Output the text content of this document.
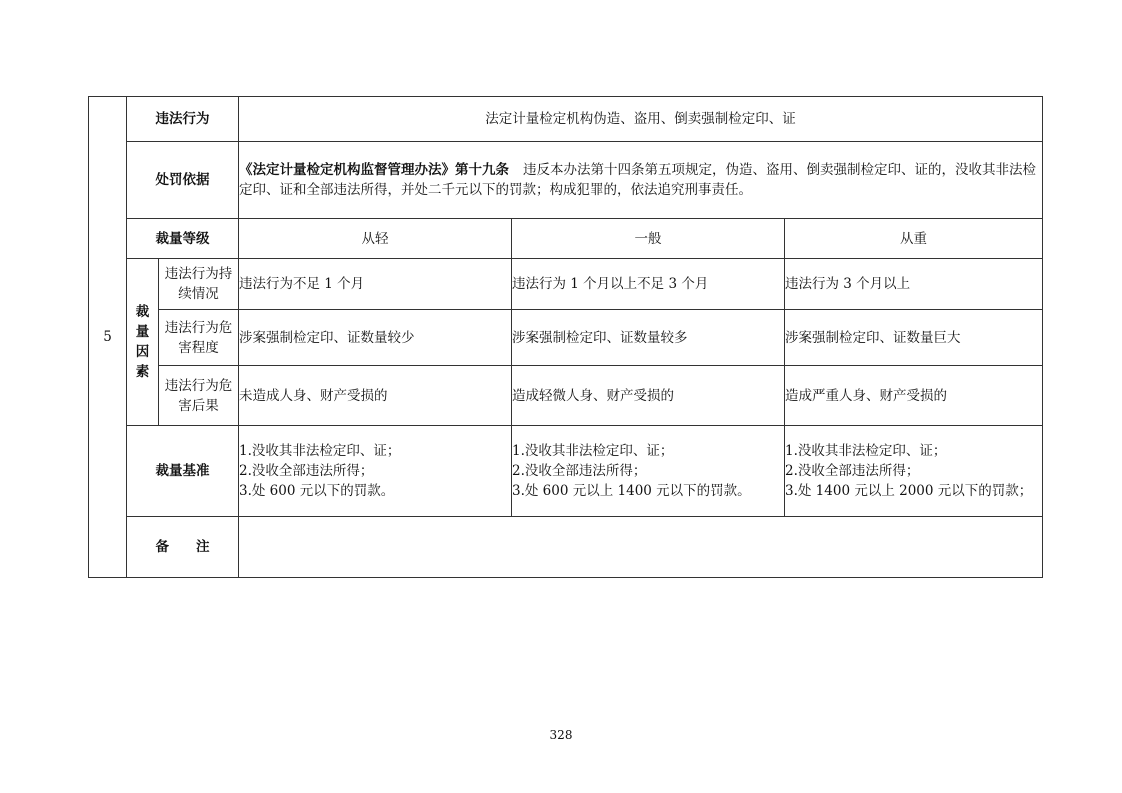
5	违法行为		法定计量检定机构伪造、盗用、倒卖强制检定印、证		
	处罚依据		《法定计量检定机构监督管理办法》第十九条 违反本办法第十四条第五项规定，伪造、盗用、倒卖强制检定印、证的，没收其非法检定印、证和全部违法所得，并处二千元以下的罚款；构成犯罪的，依法追究刑事责任。		
	裁量等级		从轻	一般	从重

	裁
量
因
素	违法行为持续情况	违法行为不足 1 个月	违法行为 1 个月以上不足 3 个月	违法行为 3 个月以上
		违法行为危害程度	涉案强制检定印、证数量较少	涉案强制检定印、证数量较多	涉案强制检定印、证数量巨大
		违法行为危害后果	未造成人身、财产受损的	造成轻微人身、财产受损的	造成严重人身、财产受损的
	裁量基准		1.没收其非法检定印、证；
2.没收全部违法所得；
3.处 600 元以下的罚款。	1.没收其非法检定印、证；
2.没收全部违法所得；
3.处 600 元以上 1400 元以下的罚款。	1.没收其非法检定印、证；
2.没收全部违法所得；
3.处 1400 元以上 2000 元以下的罚款；
	备　　注				
328
